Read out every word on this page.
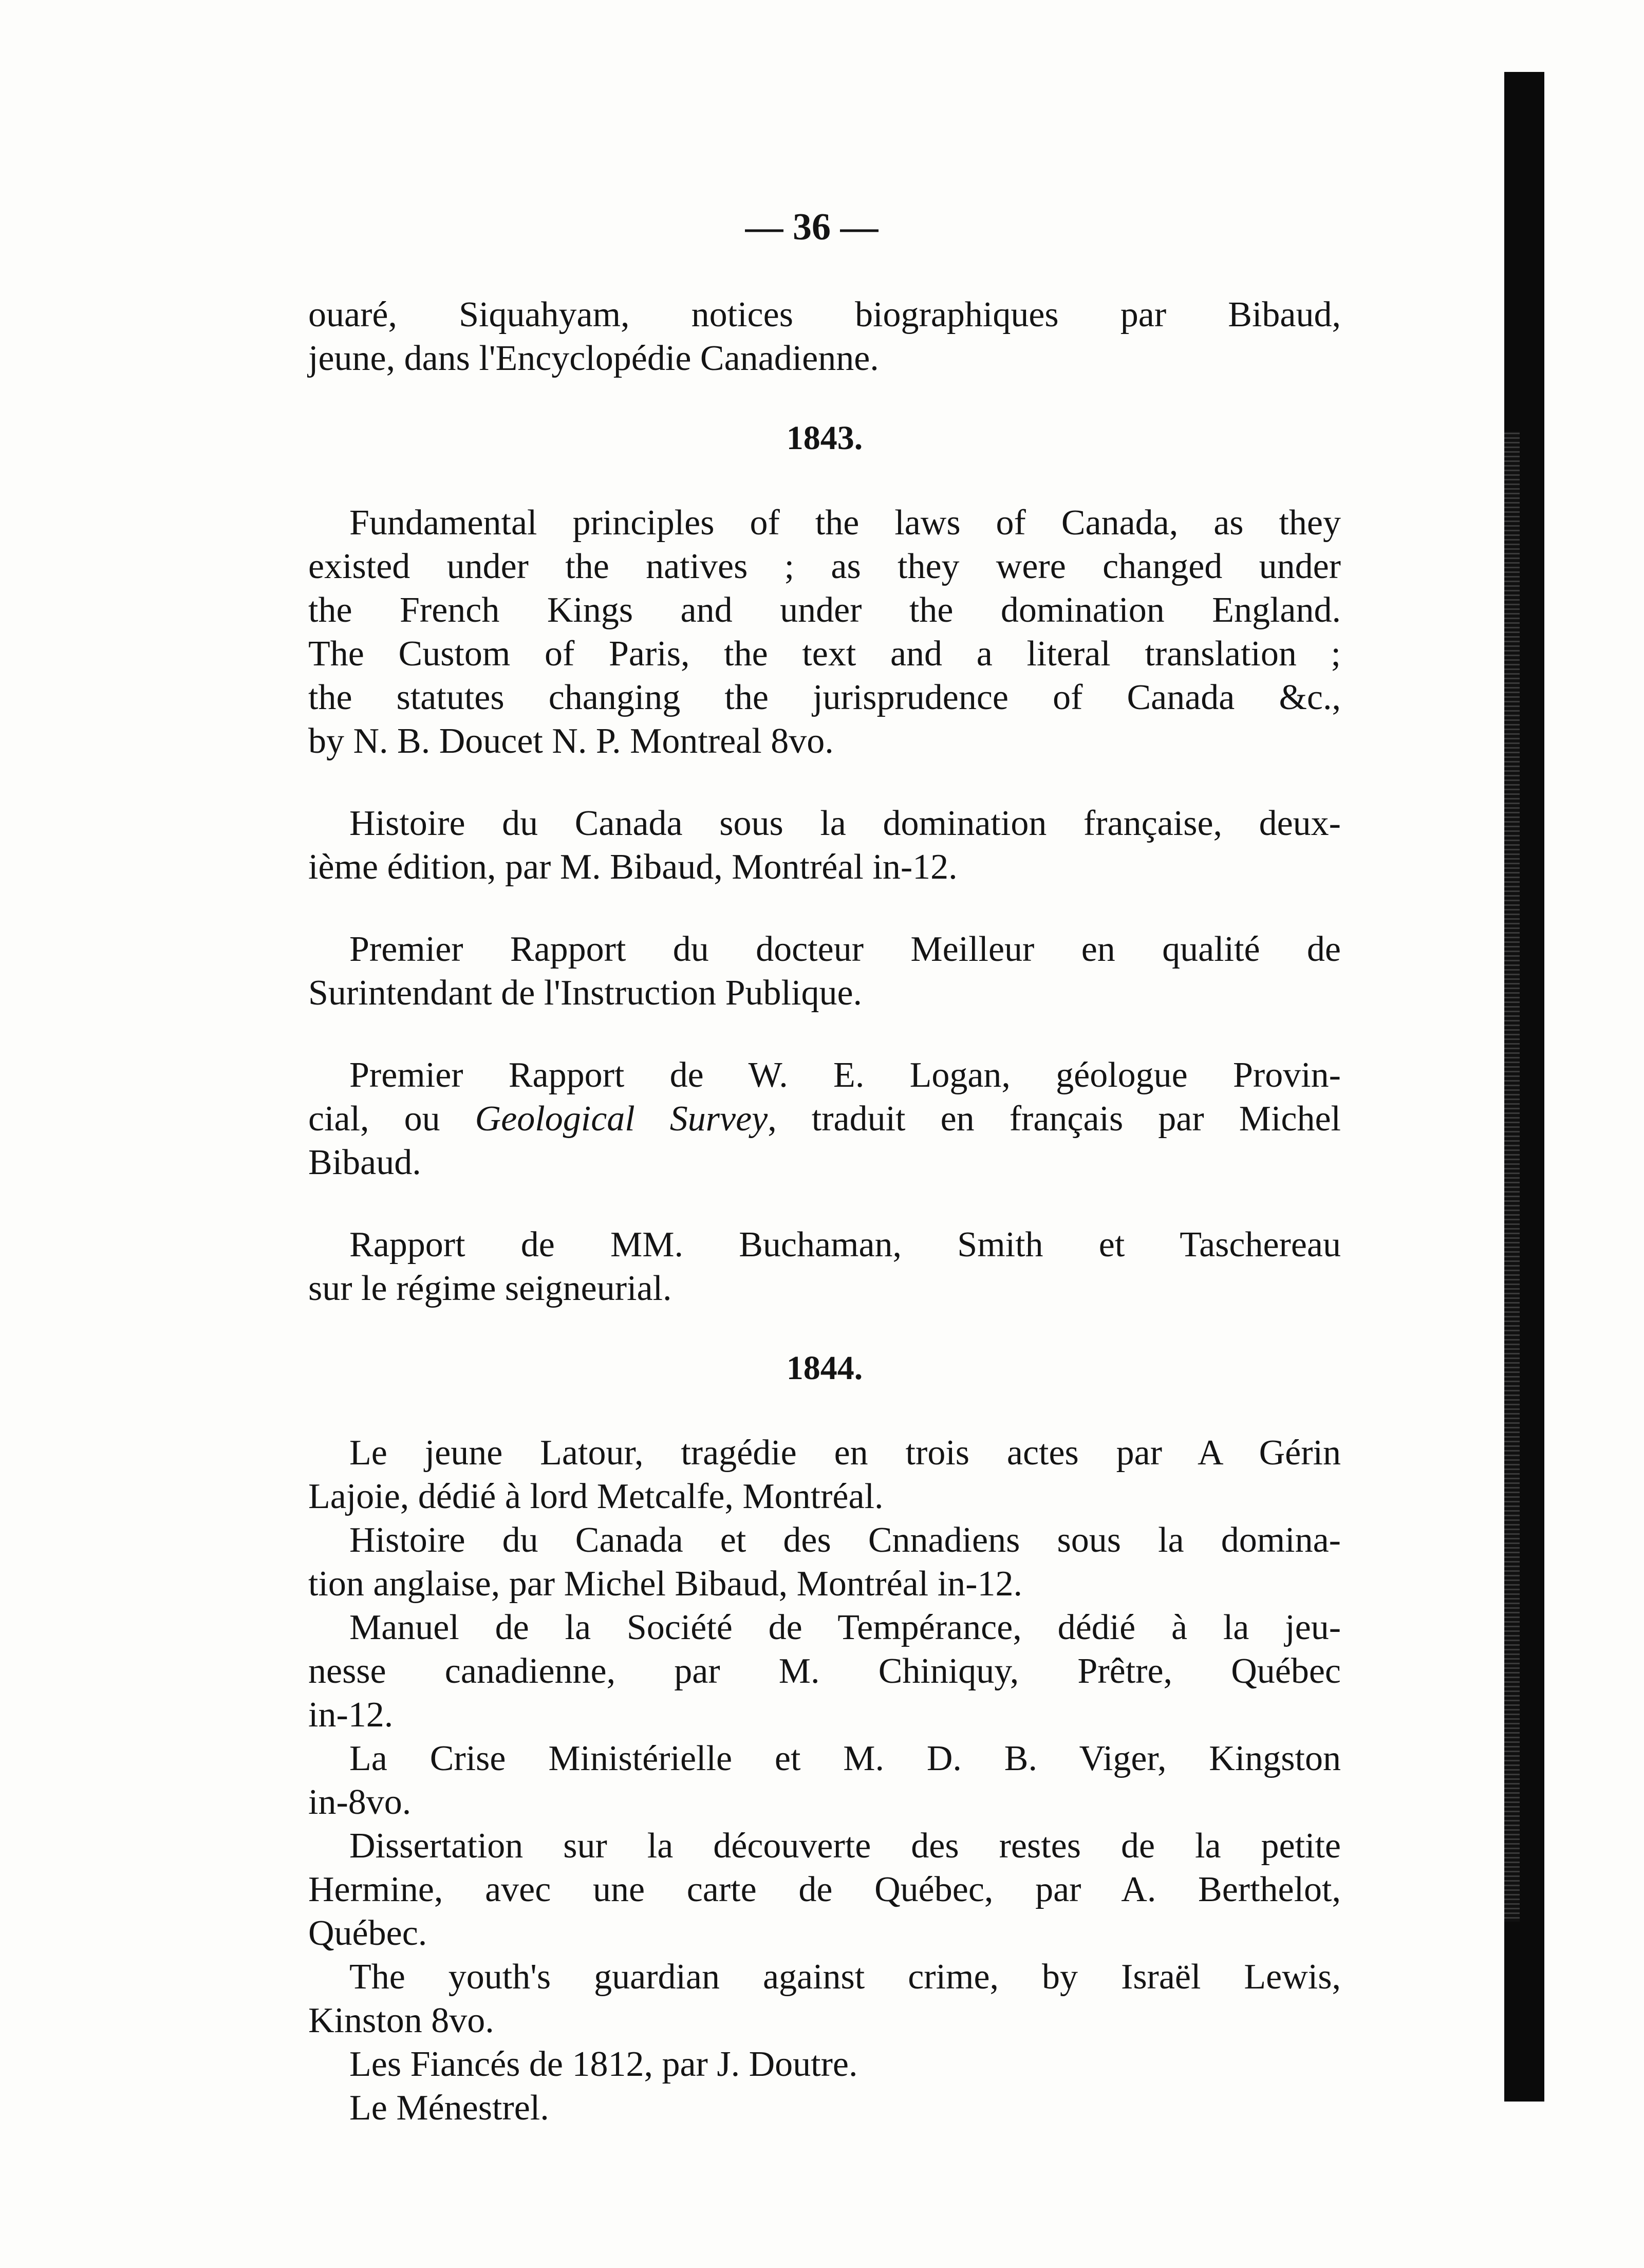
— 36 —
ouaré, Siquahyam, notices biographiques par Bibaud,
jeune, dans l'Encyclopédie Canadienne.
1843.
Fundamental principles of the laws of Canada, as they
existed under the natives ; as they were changed under
the French Kings and under the domination England.
The Custom of Paris, the text and a literal translation ;
the statutes changing the jurisprudence of Canada &c.,
by N. B. Doucet N. P. Montreal 8vo.
Histoire du Canada sous la domination française, deux-
ième édition, par M. Bibaud, Montréal in-12.
Premier Rapport du docteur Meilleur en qualité de
Surintendant de l'Instruction Publique.
Premier Rapport de W. E. Logan, géologue Provin-
cial, ou Geological Survey, traduit en français par Michel
Bibaud.
Rapport de MM. Buchaman, Smith et Taschereau
sur le régime seigneurial.
1844.
Le jeune Latour, tragédie en trois actes par A Gérin
Lajoie, dédié à lord Metcalfe, Montréal.
Histoire du Canada et des Cnnadiens sous la domina-
tion anglaise, par Michel Bibaud, Montréal in-12.
Manuel de la Société de Tempérance, dédié à la jeu-
nesse canadienne, par M. Chiniquy, Prêtre, Québec
in-12.
La Crise Ministérielle et M. D. B. Viger, Kingston
in-8vo.
Dissertation sur la découverte des restes de la petite
Hermine, avec une carte de Québec, par A. Berthelot,
Québec.
The youth's guardian against crime, by Israël Lewis,
Kinston 8vo.
Les Fiancés de 1812, par J. Doutre.
Le Ménestrel.
